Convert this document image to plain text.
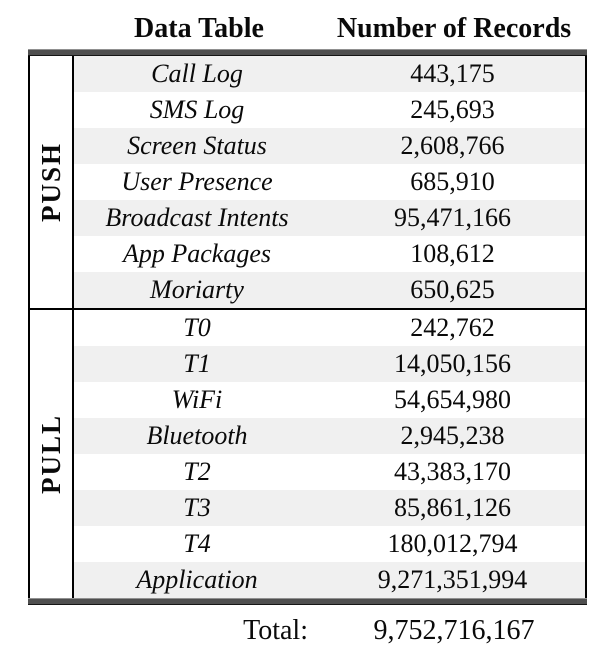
Data Table	Number of Records
PUSH
Call Log	443,175
SMS Log	245,693
Screen Status	2,608,766
User Presence	685,910
Broadcast Intents	95,471,166
App Packages	108,612
Moriarty	650,625
PULL
T0	242,762
T1	14,050,156
WiFi	54,654,980
Bluetooth	2,945,238
T2	43,383,170
T3	85,861,126
T4	180,012,794
Application	9,271,351,994
Total:	9,752,716,167
